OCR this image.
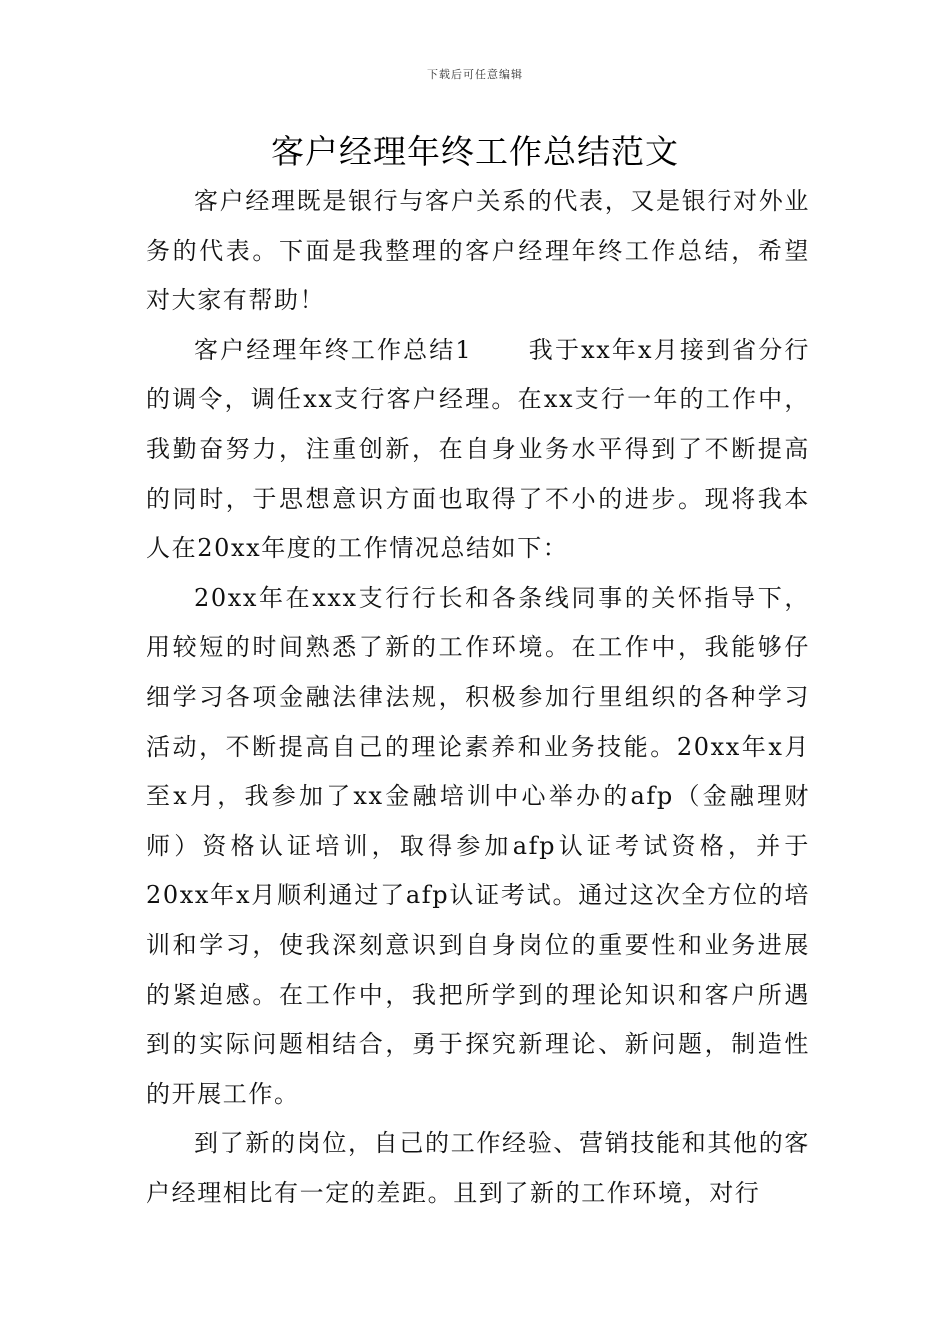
下载后可任意编辑
客户经理年终工作总结范文

客户经理既是银行与客户关系的代表，又是银行对外业务的代表。下面是我整理的客户经理年终工作总结，希望对大家有帮助！

客户经理年终工作总结1 我于xx年x月接到省分行的调令，调任xx支行客户经理。在xx支行一年的工作中，我勤奋努力，注重创新，在自身业务水平得到了不断提高的同时，于思想意识方面也取得了不小的进步。现将我本人在20xx年度的工作情况总结如下：

20xx年在xxx支行行长和各条线同事的关怀指导下，用较短的时间熟悉了新的工作环境。在工作中，我能够仔细学习各项金融法律法规，积极参加行里组织的各种学习活动，不断提高自己的理论素养和业务技能。20xx年x月至x月，我参加了xx金融培训中心举办的afp（金融理财师）资格认证培训，取得参加afp认证考试资格，并于20xx年x月顺利通过了afp认证考试。通过这次全方位的培训和学习，使我深刻意识到自身岗位的重要性和业务进展的紧迫感。在工作中，我把所学到的理论知识和客户所遇到的实际问题相结合，勇于探究新理论、新问题，制造性的开展工作。

到了新的岗位，自己的工作经验、营销技能和其他的客户经理相比有一定的差距。且到了新的工作环境，对行
